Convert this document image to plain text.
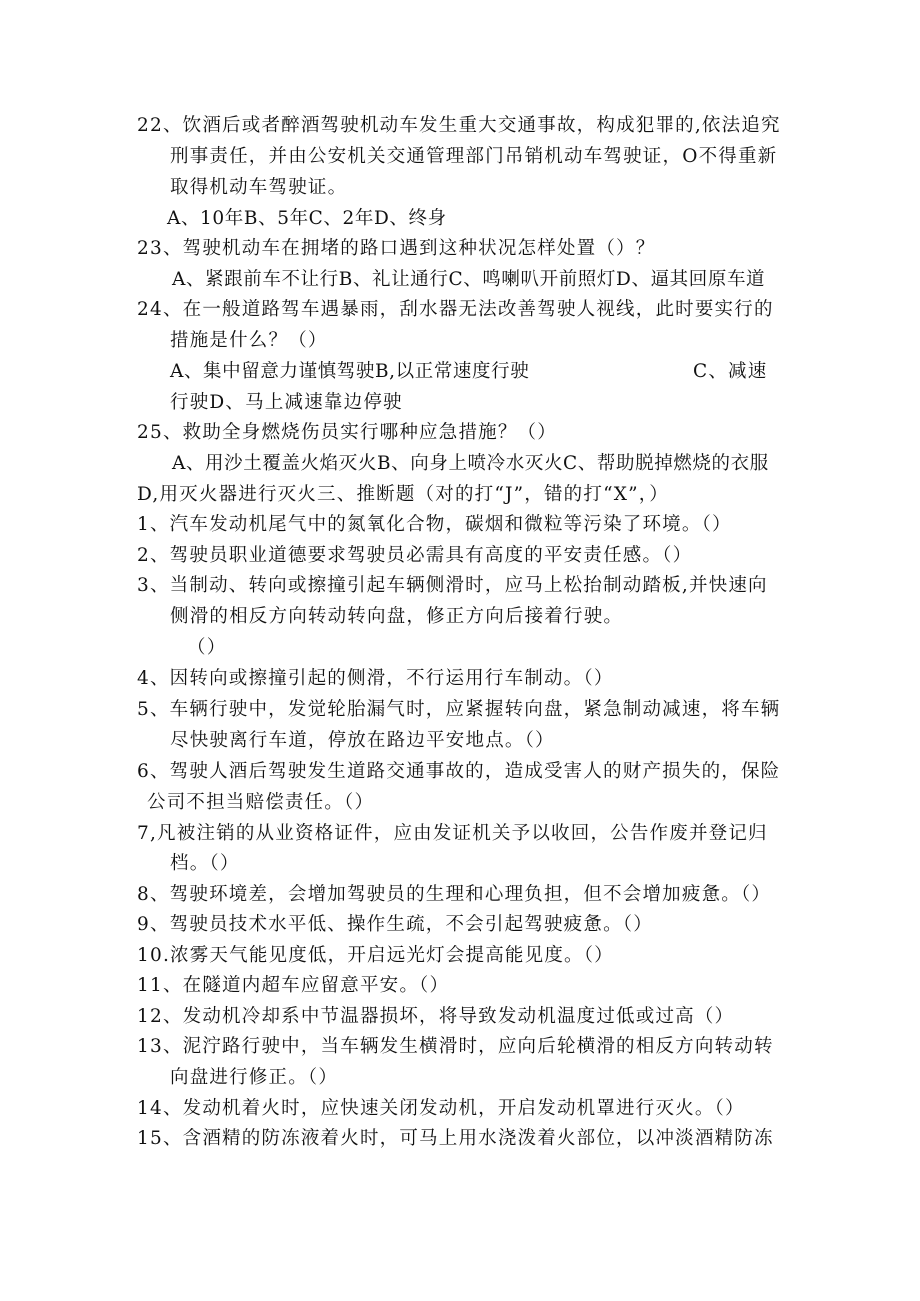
22、饮酒后或者醉酒驾驶机动车发生重大交通事故，构成犯罪的,依法追究
刑事责任，并由公安机关交通管理部门吊销机动车驾驶证，O不得重新
取得机动车驾驶证。
A、10年B、5年C、2年D、终身
23、驾驶机动车在拥堵的路口遇到这种状况怎样处置（）？
A、紧跟前车不让行B、礼让通行C、鸣喇叭开前照灯D、逼其回原车道
24、在一般道路驾车遇暴雨，刮水器无法改善驾驶人视线，此时要实行的
措施是什么？（）
A、集中留意力谨慎驾驶B,以正常速度行驶	C、减速
行驶D、马上减速靠边停驶
25、救助全身燃烧伤员实行哪种应急措施？（）
A、用沙土覆盖火焰灭火B、向身上喷冷水灭火C、帮助脱掉燃烧的衣服
D,用灭火器进行灭火三、推断题（对的打“J”，错的打“X”，）
1、汽车发动机尾气中的氮氧化合物，碳烟和微粒等污染了环境。（）
2、驾驶员职业道德要求驾驶员必需具有高度的平安责任感。（）
3、当制动、转向或擦撞引起车辆侧滑时，应马上松抬制动踏板,并快速向
侧滑的相反方向转动转向盘，修正方向后接着行驶。
（）
4、因转向或擦撞引起的侧滑，不行运用行车制动。（）
5、车辆行驶中，发觉轮胎漏气时，应紧握转向盘，紧急制动减速，将车辆
尽快驶离行车道，停放在路边平安地点。（）
6、驾驶人酒后驾驶发生道路交通事故的，造成受害人的财产损失的，保险
公司不担当赔偿责任。（）
7,凡被注销的从业资格证件，应由发证机关予以收回，公告作废并登记归
档。（）
8、驾驶环境差，会增加驾驶员的生理和心理负担，但不会增加疲惫。（）
9、驾驶员技术水平低、操作生疏，不会引起驾驶疲惫。（）
10.浓雾天气能见度低，开启远光灯会提高能见度。（）
11、在隧道内超车应留意平安。（）
12、发动机冷却系中节温器损坏，将导致发动机温度过低或过高（）
13、泥泞路行驶中，当车辆发生横滑时，应向后轮横滑的相反方向转动转
向盘进行修正。（）
14、发动机着火时，应快速关闭发动机，开启发动机罩进行灭火。（）
15、含酒精的防冻液着火时，可马上用水浇泼着火部位，以冲淡酒精防冻
